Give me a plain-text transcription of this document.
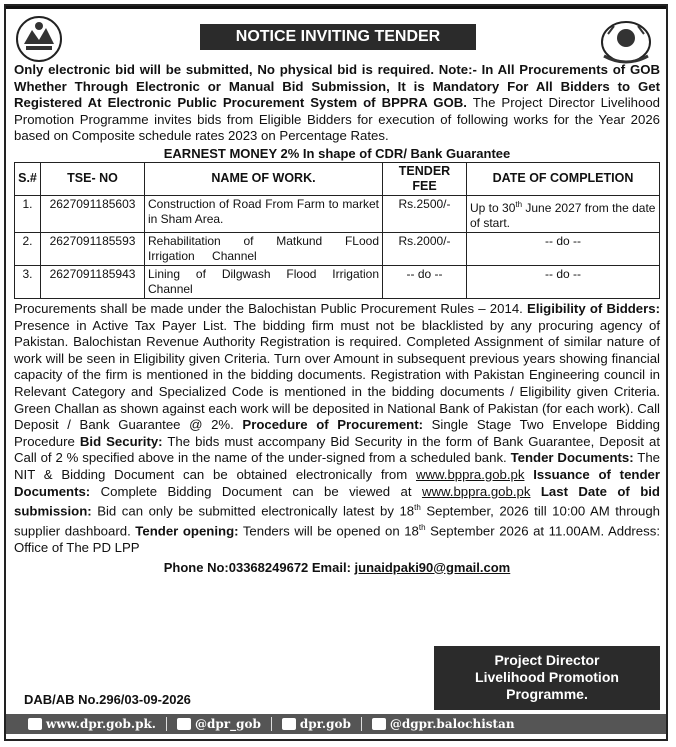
NOTICE INVITING TENDER

Only electronic bid will be submitted, No physical bid is required. Note:- In All Procurements of GOB Whether Through Electronic or Manual Bid Submission, It is Mandatory For All Bidders to Get Registered At Electronic Public Procurement System of BPPRA GOB. The Project Director Livelihood Promotion Programme invites bids from Eligible Bidders for execution of following works for the Year 2026 based on Composite schedule rates 2023 on Percentage Rates.

EARNEST MONEY 2% In shape of CDR/ Bank Guarantee
S.#	TSE- NO	NAME OF WORK.	TENDER FEE	DATE OF COMPLETION
1.	2627091185603	Construction of Road From Farm to market in Sham Area.	Rs.2500/-	Up to 30th June 2027 from the date of start.
2.	2627091185593	Rehabilitation of Matkund FLood Irrigation Channel	Rs.2000/-	-- do --
3.	2627091185943	Lining of Dilgwash Flood Irrigation Channel	-- do --	-- do --

Procurements shall be made under the Balochistan Public Procurement Rules – 2014. Eligibility of Bidders: Presence in Active Tax Payer List. The bidding firm must not be blacklisted by any procuring agency of Pakistan. Balochistan Revenue Authority Registration is required. Completed Assignment of similar nature of work will be seen in Eligibility given Criteria. Turn over Amount in subsequent previous years showing financial capacity of the firm is mentioned in the bidding documents. Registration with Pakistan Engineering council in Relevant Category and Specialized Code is mentioned in the bidding documents / Eligibility given Criteria. Green Challan as shown against each work will be deposited in National Bank of Pakistan (for each work). Call Deposit / Bank Guarantee @ 2%. Procedure of Procurement: Single Stage Two Envelope Bidding Procedure Bid Security: The bids must accompany Bid Security in the form of Bank Guarantee, Deposit at Call of 2 % specified above in the name of the under-signed from a scheduled bank. Tender Documents: The NIT & Bidding Document can be obtained electronically from www.bppra.gob.pk Issuance of tender Documents: Complete Bidding Document can be viewed at www.bppra.gob.pk Last Date of bid submission: Bid can only be submitted electronically latest by 18th September, 2026 till 10:00 AM through supplier dashboard. Tender opening: Tenders will be opened on 18th September 2026 at 11.00AM. Address: Office of The PD LPP

Phone No:03368249672 Email: junaidpaki90@gmail.com
Project Director
Livelihood Promotion
Programme.
DAB/AB No.296/03-09-2026
www.dpr.gob.pk.	@dpr_gob	dpr.gob	@dgpr.balochistan
